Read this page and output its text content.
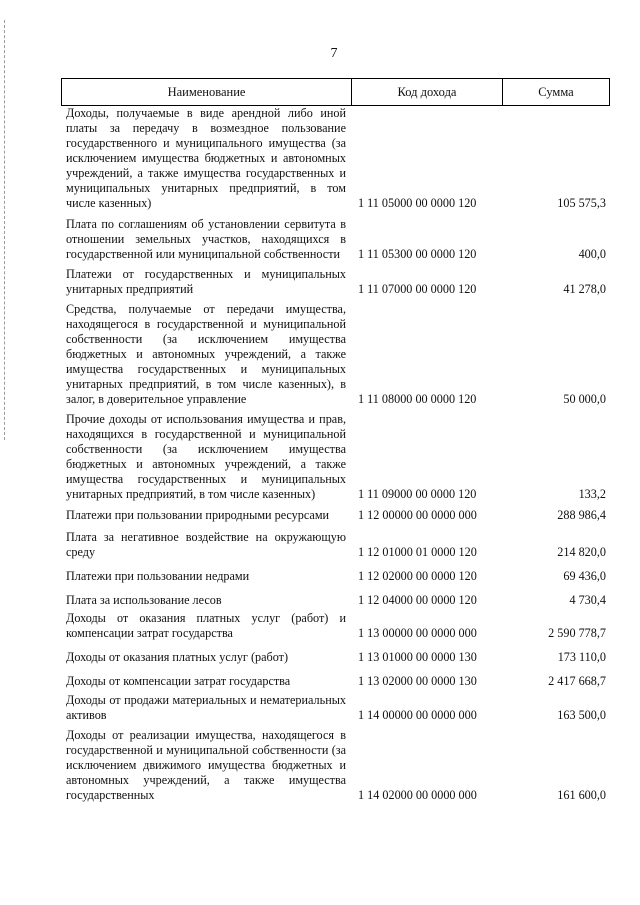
7
Наименование	Код дохода	Сумма
Доходы, получаемые в виде арендной либо иной платы за передачу в возмездное пользование государственного и муниципального имущества (за исключением имущества бюджетных и автономных учреждений, а также имущества государственных и муниципальных унитарных предприятий, в том числе казенных)	1 11 05000 00 0000 120	105 575,3
Плата по соглашениям об установлении сервитута в отношении земельных участков, находящихся в государственной или муниципальной собственности	1 11 05300 00 0000 120	400,0
Платежи от государственных и муниципальных унитарных предприятий	1 11 07000 00 0000 120	41 278,0
Средства, получаемые от передачи имущества, находящегося в государственной и муниципальной собственности (за исключением имущества бюджетных и автономных учреждений, а также имущества государственных и муниципальных унитарных предприятий, в том числе казенных), в залог, в доверительное управление	1 11 08000 00 0000 120	50 000,0
Прочие доходы от использования имущества и прав, находящихся в государственной и муниципальной собственности (за исключением имущества бюджетных и автономных учреждений, а также имущества государственных и муниципальных унитарных предприятий, в том числе казенных)	1 11 09000 00 0000 120	133,2
Платежи при пользовании природными ресурсами	1 12 00000 00 0000 000	288 986,4
Плата за негативное воздействие на окружающую среду	1 12 01000 01 0000 120	214 820,0
Платежи при пользовании недрами	1 12 02000 00 0000 120	69 436,0
Плата за использование лесов	1 12 04000 00 0000 120	4 730,4
Доходы от оказания платных услуг (работ) и компенсации затрат государства	1 13 00000 00 0000 000	2 590 778,7
Доходы от оказания платных услуг (работ)	1 13 01000 00 0000 130	173 110,0
Доходы от компенсации затрат государства	1 13 02000 00 0000 130	2 417 668,7
Доходы от продажи материальных и нематериальных активов	1 14 00000 00 0000 000	163 500,0
Доходы от реализации имущества, находящегося в государственной и муниципальной собственности (за исключением движимого имущества бюджетных и автономных учреждений, а также имущества государственных	1 14 02000 00 0000 000	161 600,0
